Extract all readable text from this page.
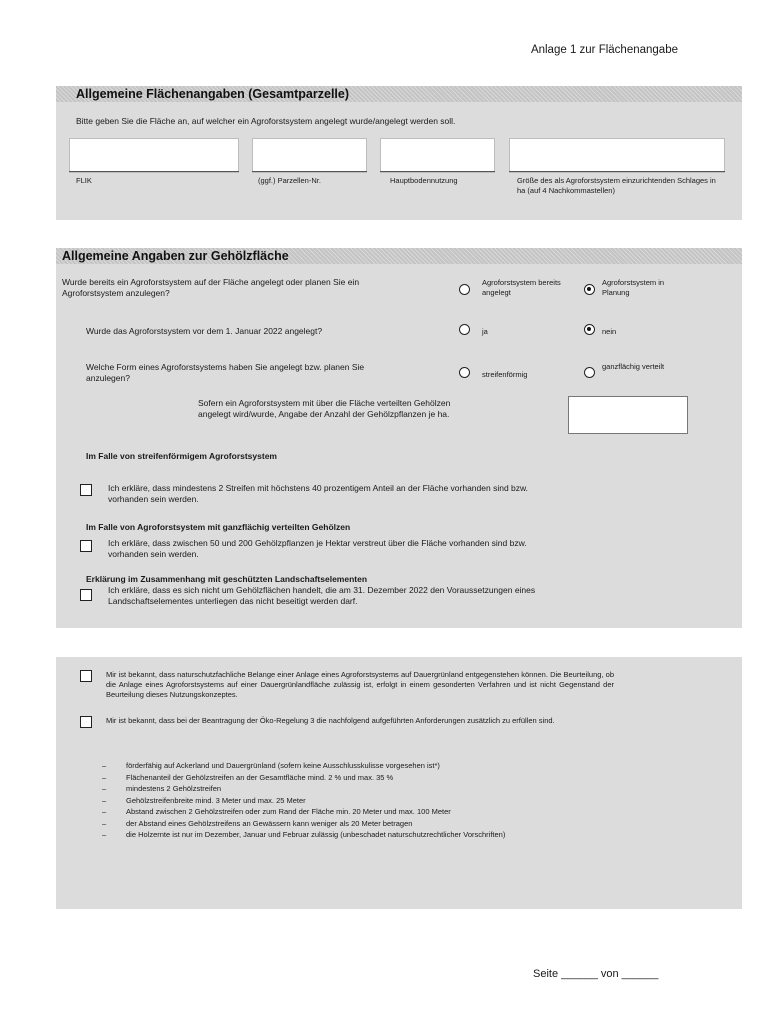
Anlage 1 zur Flächenangabe
Allgemeine Flächenangaben (Gesamtparzelle)
Bitte geben Sie die Fläche an, auf welcher ein Agroforstsystem angelegt wurde/angelegt werden soll.
FLIK	(ggf.) Parzellen-Nr.	Hauptbodennutzung	Größe des als Agroforstsystem einzurichtenden Schlages in ha (auf 4 Nachkommastellen)
Allgemeine Angaben zur Gehölzfläche
Wurde bereits ein Agroforstsystem auf der Fläche angelegt oder planen Sie ein Agroforstsystem anzulegen?
Agroforstsystem bereits angelegt
Agroforstsystem in Planung
Wurde das Agroforstsystem vor dem 1. Januar 2022 angelegt?	ja	nein
Welche Form eines Agroforstsystems haben Sie angelegt bzw. planen Sie anzulegen?	streifenförmig
ganzflächig verteilt
Sofern ein Agroforstsystem mit über die Fläche verteilten Gehölzen angelegt wird/wurde, Angabe der Anzahl der Gehölzpflanzen je ha.
Im Falle von streifenförmigem Agroforstsystem
Ich erkläre, dass mindestens 2 Streifen mit höchstens 40 prozentigem Anteil an der Fläche vorhanden sind bzw. vorhanden sein werden.
Im Falle von Agroforstsystem mit ganzflächig verteilten Gehölzen
Ich erkläre, dass zwischen 50 und 200 Gehölzpflanzen je Hektar verstreut über die Fläche vorhanden sind bzw. vorhanden sein werden.
Erklärung im Zusammenhang mit geschützten Landschaftselementen
Ich erkläre, dass es sich nicht um Gehölzflächen handelt, die am 31. Dezember 2022 den Voraussetzungen eines Landschaftselementes unterliegen das nicht beseitigt werden darf.
Mir ist bekannt, dass naturschutzfachliche Belange einer Anlage eines Agroforstsystems auf Dauergrünland entgegenstehen können. Die Beurteilung, ob die Anlage eines Agroforstsystems auf einer Dauergrünlandfläche zulässig ist, erfolgt in einem gesonderten Verfahren und ist nicht Gegenstand der Beurteilung dieses Nutzungskonzeptes.
Mir ist bekannt, dass bei der Beantragung der Öko-Regelung 3 die nachfolgend aufgeführten Anforderungen zusätzlich zu erfüllen sind.
–	förderfähig auf Ackerland und Dauergrünland (sofern keine Ausschlusskulisse vorgesehen ist*)
–	Flächenanteil der Gehölzstreifen an der Gesamtfläche mind. 2 % und max. 35 %
–	mindestens 2 Gehölzstreifen
–	Gehölzstreifenbreite mind. 3 Meter und max. 25 Meter
–	Abstand zwischen 2 Gehölzstreifen oder zum Rand der Fläche min. 20 Meter und max. 100 Meter
–	der Abstand eines Gehölzstreifens an Gewässern kann weniger als 20 Meter betragen
–	die Holzernte ist nur im Dezember, Januar und Februar zulässig (unbeschadet naturschutzrechtlicher Vorschriften)
Seite ______ von ______
